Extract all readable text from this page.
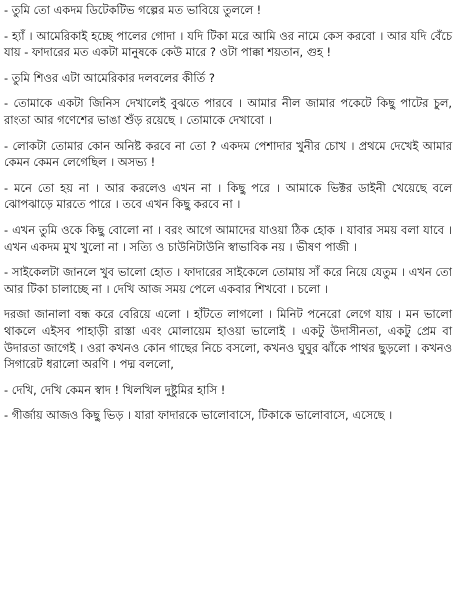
- তুমি তো একদম ডিটেকটিভ গল্পের মত ভাবিয়ে তুললে !

- হ্যাঁ । আমেরিকাই হচ্ছে পালের গোদা । যদি টিকা মরে আমি ওর নামে কেস করবো । আর যদি বেঁচে যায় - ফাদারের মত একটা মানুষকে কেউ মারে ? ওটা পাক্কা শয়তান, গুহ !

- তুমি শিওর এটা আমেরিকার দলবলের কীর্তি ?

- তোমাকে একটা জিনিস দেখালেই বুঝতে পারবে । আমার নীল জামার পকেটে কিছু পাটের চুল, রাংতা আর গণেশের ভাঙা শুঁড় রয়েছে । তোমাকে দেখাবো ।

- লোকটা তোমার কোন অনিষ্ট করবে না তো ? একদম পেশাদার খুনীর চোখ । প্রথমে দেখেই আমার কেমন কেমন লেগেছিল । অসভ্য !

- মনে তো হয় না । আর করলেও এখন না । কিছু পরে । আমাকে ভিক্টর ডাইনী খেয়েছে বলে ঝোপঝাড়ে মারতে পারে । তবে এখন কিছু করবে না ।

- এখন তুমি ওকে কিছু বোলো না । বরং আগে আমাদের যাওয়া ঠিক হোক । যাবার সময় বলা যাবে । এখন একদম মুখ খুলো না । সত্যি ও চাউনিটাউনি স্বাভাবিক নয় । ভীষণ পাজী ।

- সাইকেলটা জানলে খুব ভালো হোত । ফাদারের সাইকেলে তোমায় সাঁ করে নিয়ে যেতুম । এখন তো আর টিকা চালাচ্ছে না । দেখি আজ সময় পেলে একবার শিখবো । চলো ।

দরজা জানালা বন্ধ করে বেরিয়ে এলো । হাঁটতে লাগলো । মিনিট পনেরো লেগে যায় । মন ভালো থাকলে এইসব পাহাড়ী রাস্তা এবং মোলায়েম হাওয়া ভালোই । একটু উদাসীনতা, একটু প্রেম বা উদারতা জাগেই । ওরা কখনও কোন গাছের নিচে বসলো, কখনও ঘুঘুর ঝাঁকে পাথর ছুড়লো । কখনও সিগারেট ধরালো অরণি । পদ্ম বললো,

- দেখি, দেখি কেমন স্বাদ ! খিলখিল দুষ্টুমির হাসি !

- গীর্জায় আজও কিছু ভিড় । যারা ফাদারকে ভালোবাসে, টিকাকে ভালোবাসে, এসেছে ।
